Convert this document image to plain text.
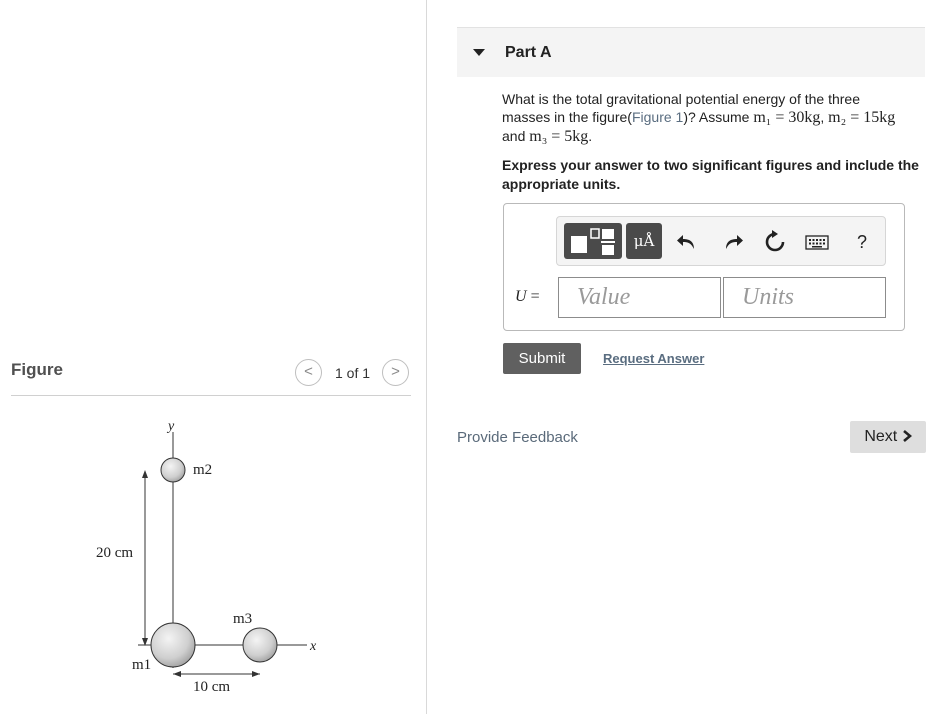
Figure	<	1 of 1	>
y
x
20 cm
10 cm
m2
m1
m3
Part A
What is the total gravitational potential energy of the three masses in the figure(Figure 1)? Assume m₁ = 30kg, m₂ = 15kg and m₃ = 5kg.
Express your answer to two significant figures and include the appropriate units.
μÅ	?
U =
Value
Units
Submit	Request Answer
Provide Feedback	Next
